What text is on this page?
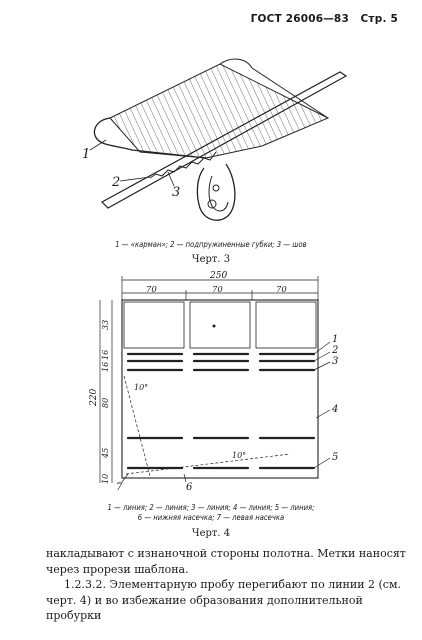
ГОСТ 26006—83 Стр. 5
1
2
3
1 — «карман»; 2 — подпружиненные губки; 3 — шов
Черт. 3
250
70	70	70
33
16
16
220 80
45
10
10°
10°
1
2
3
4
5
6
7
1 — линия; 2 — линия; 3 — линия; 4 — линия; 5 — линия;
6 — нижняя насечка; 7 — левая насечка
Черт. 4

накладывают с изнаночной стороны полотна. Метки наносят через прорези шаблона.

1.2.3.2. Элементарную пробу перегибают по линии 2 (см. черт. 4) и во избежание образования дополнительной пробурки
